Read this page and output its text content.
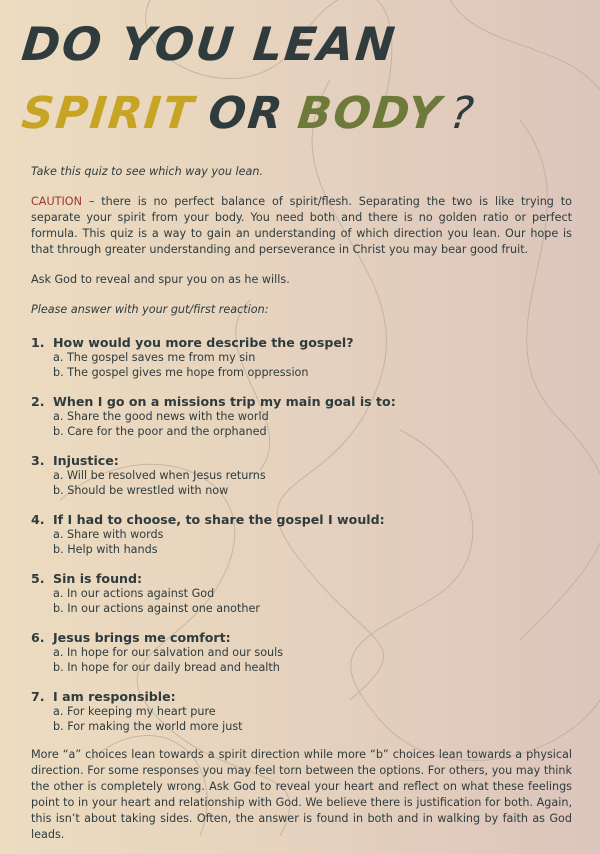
DO YOU LEAN
SPIRIT OR BODY?

Take this quiz to see which way you lean.

CAUTION – there is no perfect balance of spirit/flesh. Separating the two is like trying to separate your spirit from your body. You need both and there is no golden ratio or perfect formula. This quiz is a way to gain an understanding of which direction you lean. Our hope is that through greater understanding and perseverance in Christ you may bear good fruit.

Ask God to reveal and spur you on as he wills.

Please answer with your gut/first reaction:

1. How would you more describe the gospel?
a. The gospel saves me from my sin
b. The gospel gives me hope from oppression
2. When I go on a missions trip my main goal is to:
a. Share the good news with the world
b. Care for the poor and the orphaned
3. Injustice:
a. Will be resolved when Jesus returns
b. Should be wrestled with now
4. If I had to choose, to share the gospel I would:
a. Share with words
b. Help with hands
5. Sin is found:
a. In our actions against God
b. In our actions against one another
6. Jesus brings me comfort:
a. In hope for our salvation and our souls
b. In hope for our daily bread and health
7. I am responsible:
a. For keeping my heart pure
b. For making the world more just

More “a” choices lean towards a spirit direction while more “b” choices lean towards a physical direction. For some responses you may feel torn between the options. For others, you may think the other is completely wrong. Ask God to reveal your heart and reflect on what these feelings point to in your heart and relationship with God. We believe there is justification for both. Again, this isn’t about taking sides. Often, the answer is found in both and in walking by faith as God leads.
